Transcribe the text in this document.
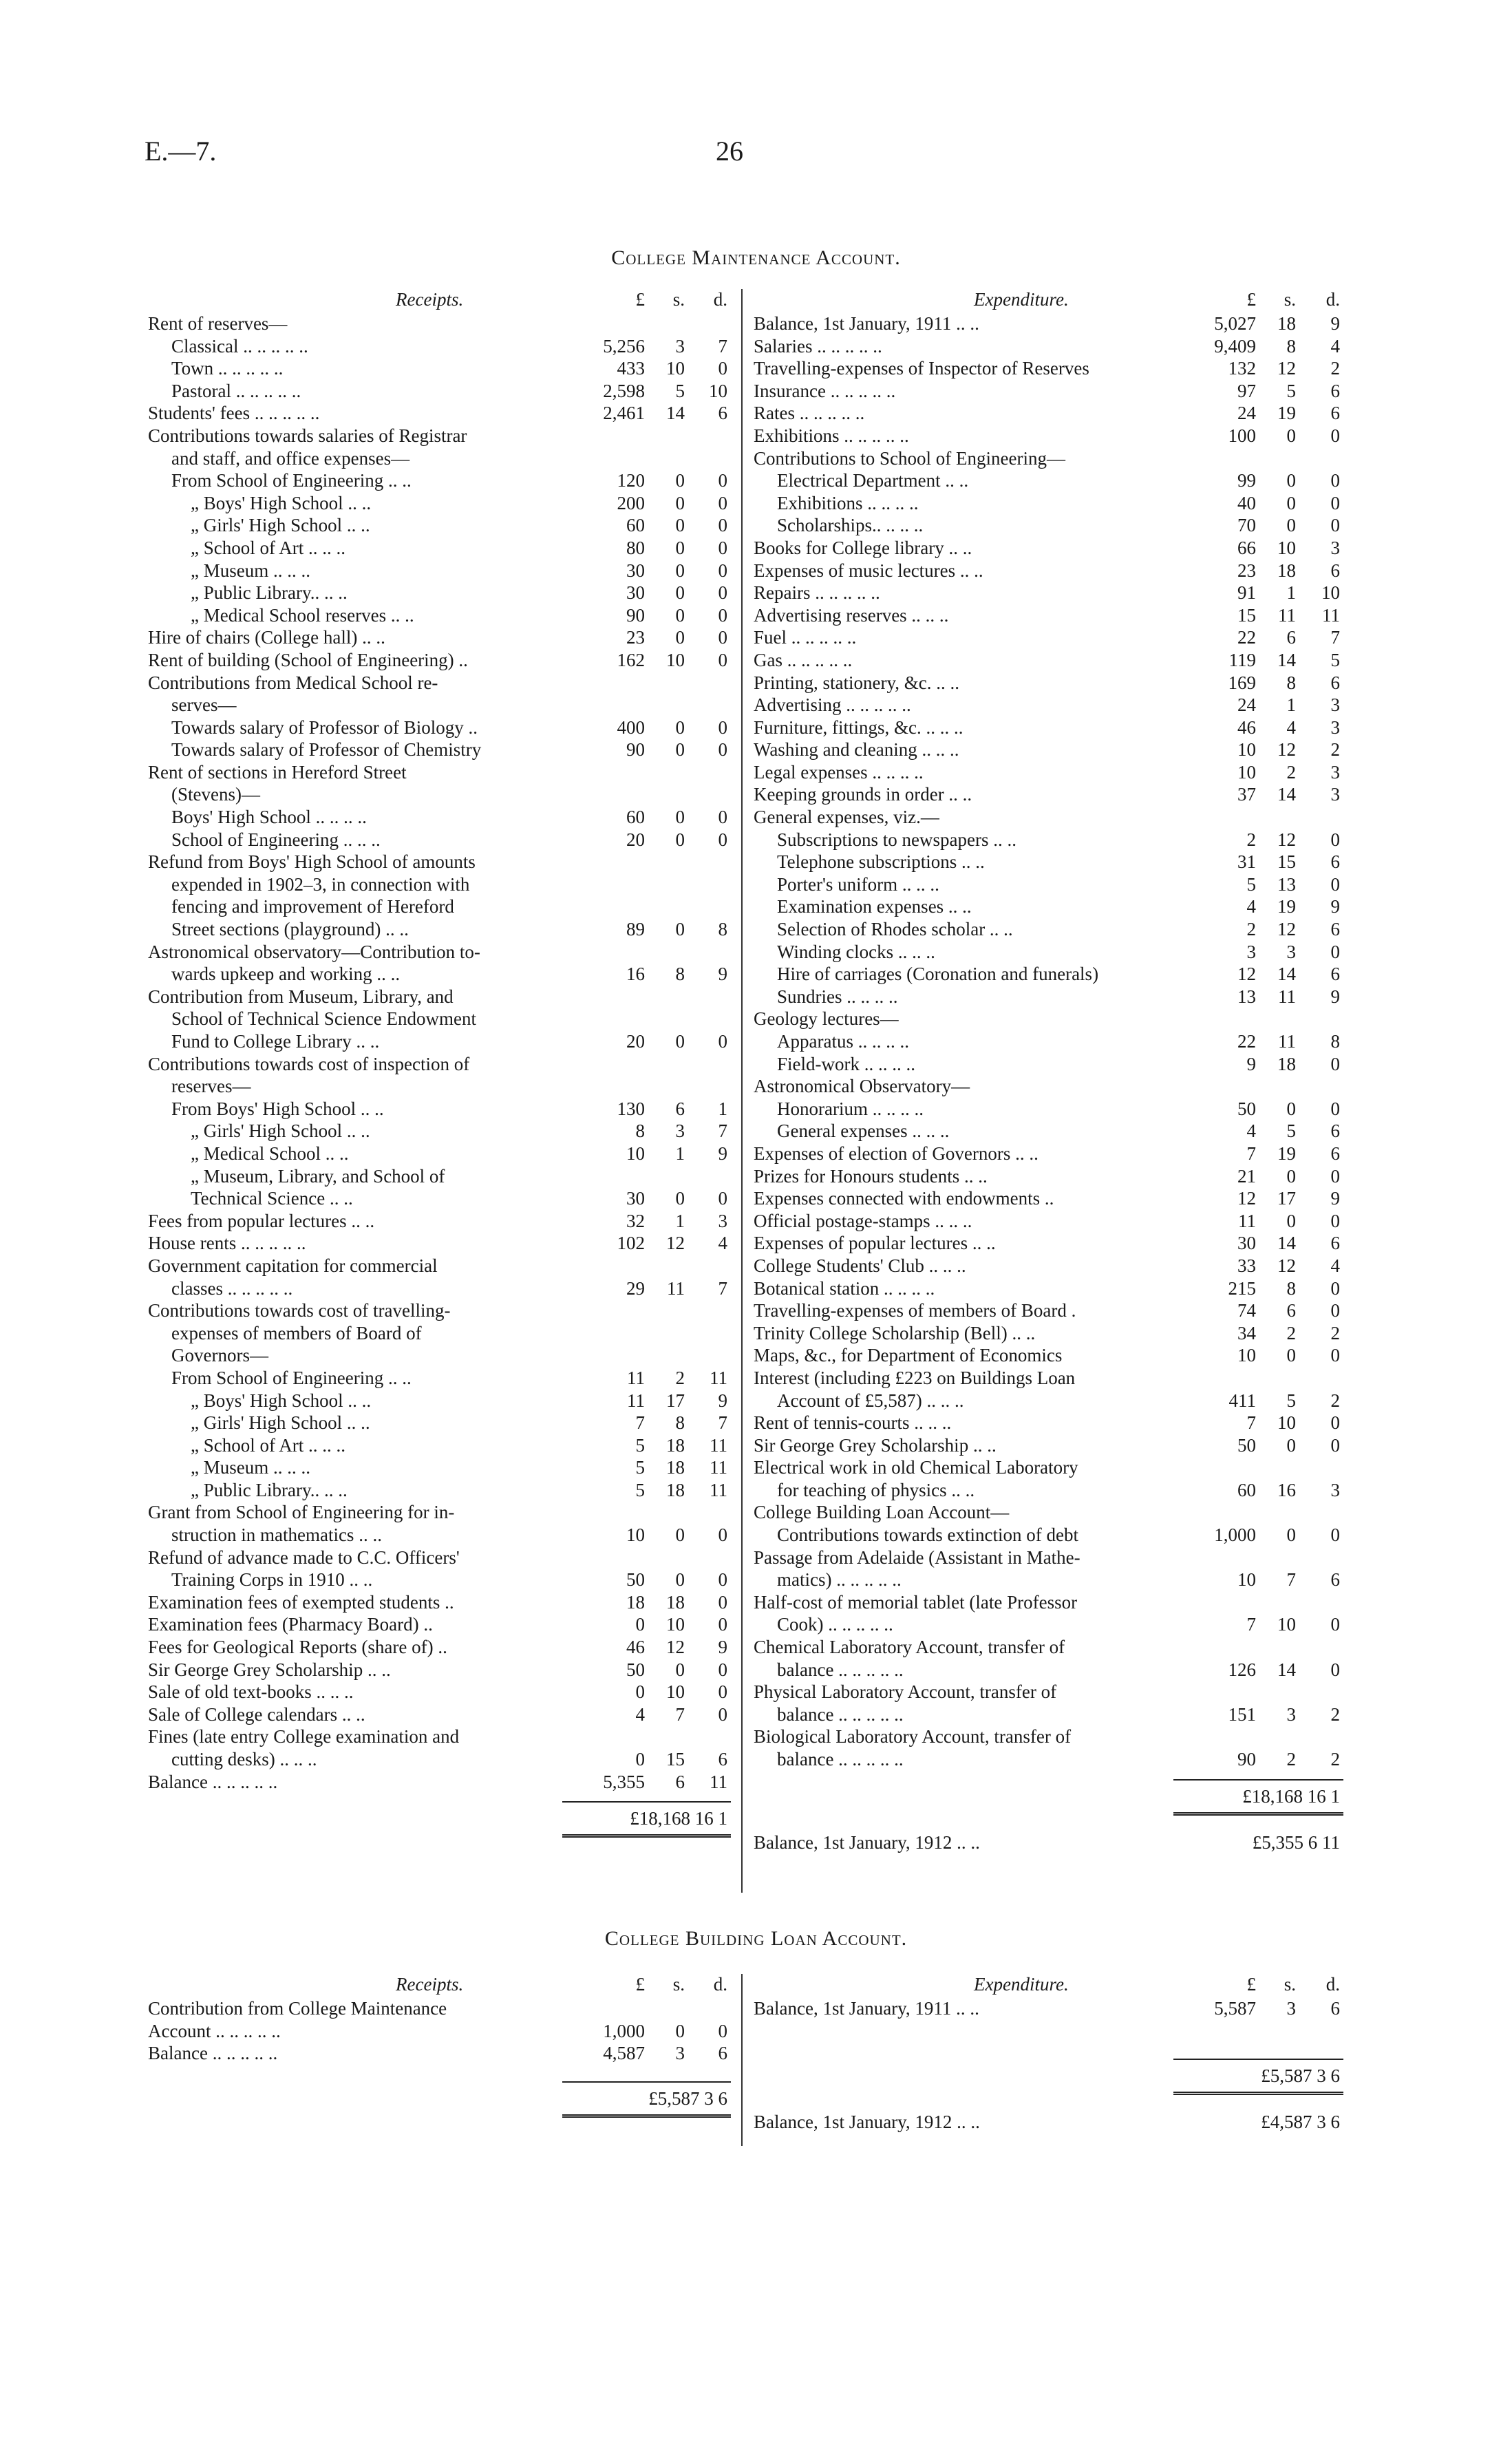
E.—7.	26
College Maintenance Account.
Receipts.	£	s.	d.
Rent of reserves—
Classical .. .. .. .. ..	5,256	3	7
Town .. .. .. .. ..	433	10	0
Pastoral .. .. .. .. ..	2,598	5	10
Students' fees .. .. .. .. ..	2,461	14	6
Contributions towards salaries of Registrar
and staff, and office expenses—
From School of Engineering .. ..	120	0	0
„ Boys' High School .. ..	200	0	0
„ Girls' High School .. ..	60	0	0
„ School of Art .. .. ..	80	0	0
„ Museum .. .. ..	30	0	0
„ Public Library.. .. ..	30	0	0
„ Medical School reserves .. ..	90	0	0
Hire of chairs (College hall) .. ..	23	0	0
Rent of building (School of Engineering) ..	162	10	0
Contributions from Medical School re-
serves—
Towards salary of Professor of Biology ..	400	0	0
Towards salary of Professor of Chemistry	90	0	0
Rent of sections in Hereford Street
(Stevens)—
Boys' High School .. .. .. ..	60	0	0
School of Engineering .. .. ..	20	0	0
Refund from Boys' High School of amounts
expended in 1902–3, in connection with
fencing and improvement of Hereford
Street sections (playground) .. ..	89	0	8
Astronomical observatory—Contribution to-
wards upkeep and working .. ..	16	8	9
Contribution from Museum, Library, and
School of Technical Science Endowment
Fund to College Library .. ..	20	0	0
Contributions towards cost of inspection of
reserves—
From Boys' High School .. ..	130	6	1
„ Girls' High School .. ..	8	3	7
„ Medical School .. ..	10	1	9
„ Museum, Library, and School of
Technical Science .. ..	30	0	0
Fees from popular lectures .. ..	32	1	3
House rents .. .. .. .. ..	102	12	4
Government capitation for commercial
classes .. .. .. .. ..	29	11	7
Contributions towards cost of travelling-
expenses of members of Board of
Governors—
From School of Engineering .. ..	11	2	11
„ Boys' High School .. ..	11	17	9
„ Girls' High School .. ..	7	8	7
„ School of Art .. .. ..	5	18	11
„ Museum .. .. ..	5	18	11
„ Public Library.. .. ..	5	18	11
Grant from School of Engineering for in-
struction in mathematics .. ..	10	0	0
Refund of advance made to C.C. Officers'
Training Corps in 1910 .. ..	50	0	0
Examination fees of exempted students ..	18	18	0
Examination fees (Pharmacy Board) ..	0	10	0
Fees for Geological Reports (share of) ..	46	12	9
Sir George Grey Scholarship .. ..	50	0	0
Sale of old text-books .. .. ..	0	10	0
Sale of College calendars .. ..	4	7	0
Fines (late entry College examination and
cutting desks) .. .. ..	0	15	6
Balance .. .. .. .. ..	5,355	6	11
£18,168 16 1
Expenditure.	£	s.	d.
Balance, 1st January, 1911 .. ..	5,027	18	9
Salaries .. .. .. .. ..	9,409	8	4
Travelling-expenses of Inspector of Reserves	132	12	2
Insurance .. .. .. .. ..	97	5	6
Rates .. .. .. .. ..	24	19	6
Exhibitions .. .. .. .. ..	100	0	0
Contributions to School of Engineering—
Electrical Department .. ..	99	0	0
Exhibitions .. .. .. ..	40	0	0
Scholarships.. .. .. ..	70	0	0
Books for College library .. ..	66	10	3
Expenses of music lectures .. ..	23	18	6
Repairs .. .. .. .. ..	91	1	10
Advertising reserves .. .. ..	15	11	11
Fuel .. .. .. .. ..	22	6	7
Gas .. .. .. .. ..	119	14	5
Printing, stationery, &c. .. ..	169	8	6
Advertising .. .. .. .. ..	24	1	3
Furniture, fittings, &c. .. .. ..	46	4	3
Washing and cleaning .. .. ..	10	12	2
Legal expenses .. .. .. ..	10	2	3
Keeping grounds in order .. ..	37	14	3
General expenses, viz.—
Subscriptions to newspapers .. ..	2	12	0
Telephone subscriptions .. ..	31	15	6
Porter's uniform .. .. ..	5	13	0
Examination expenses .. ..	4	19	9
Selection of Rhodes scholar .. ..	2	12	6
Winding clocks .. .. ..	3	3	0
Hire of carriages (Coronation and funerals)	12	14	6
Sundries .. .. .. ..	13	11	9
Geology lectures—
Apparatus .. .. .. ..	22	11	8
Field-work .. .. .. ..	9	18	0
Astronomical Observatory—
Honorarium .. .. .. ..	50	0	0
General expenses .. .. ..	4	5	6
Expenses of election of Governors .. ..	7	19	6
Prizes for Honours students .. ..	21	0	0
Expenses connected with endowments ..	12	17	9
Official postage-stamps .. .. ..	11	0	0
Expenses of popular lectures .. ..	30	14	6
College Students' Club .. .. ..	33	12	4
Botanical station .. .. .. ..	215	8	0
Travelling-expenses of members of Board .	74	6	0
Trinity College Scholarship (Bell) .. ..	34	2	2
Maps, &c., for Department of Economics	10	0	0
Interest (including £223 on Buildings Loan
Account of £5,587) .. .. ..	411	5	2
Rent of tennis-courts .. .. ..	7	10	0
Sir George Grey Scholarship .. ..	50	0	0
Electrical work in old Chemical Laboratory
for teaching of physics .. ..	60	16	3
College Building Loan Account—
Contributions towards extinction of debt	1,000	0	0
Passage from Adelaide (Assistant in Mathe-
matics) .. .. .. .. ..	10	7	6
Half-cost of memorial tablet (late Professor
Cook) .. .. .. .. ..	7	10	0
Chemical Laboratory Account, transfer of
balance .. .. .. .. ..	126	14	0
Physical Laboratory Account, transfer of
balance .. .. .. .. ..	151	3	2
Biological Laboratory Account, transfer of
balance .. .. .. .. ..	90	2	2
£18,168 16 1
Balance, 1st January, 1912 .. ..	£5,355 6 11
College Building Loan Account.
Receipts.	£	s.	d.
Contribution from College Maintenance
Account .. .. .. .. ..	1,000	0	0
Balance .. .. .. .. ..	4,587	3	6
£5,587 3 6
Expenditure.	£	s.	d.
Balance, 1st January, 1911 .. ..	5,587	3	6
£5,587 3 6
Balance, 1st January, 1912 .. ..	£4,587 3 6
